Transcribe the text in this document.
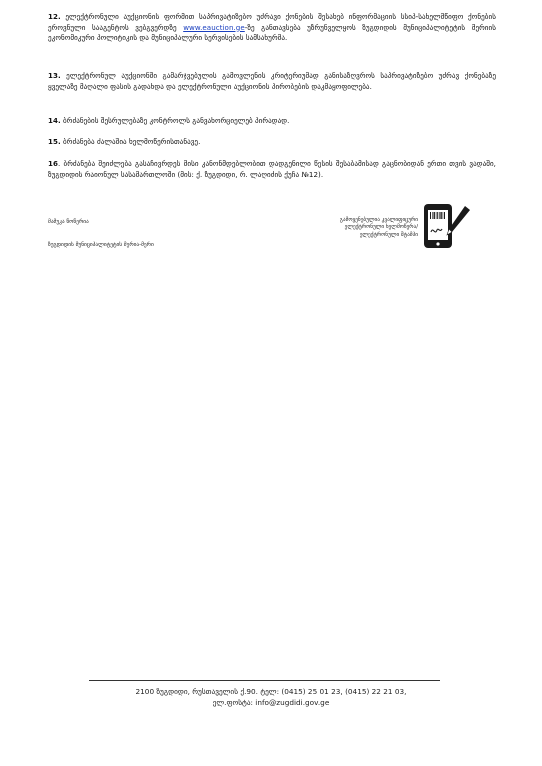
12. ელექტრონული აუქციონის ფორმით საპრივატიზებო უძრავი ქონების შესახებ ინფორმაციის სსიპ-სახელმწიფო ქონების ეროვნული სააგენტოს ვებგვერდზე www.eauction.ge-ზე განთავსება უზრუნველყოს ზუგდიდის მუნიციპალიტეტის მერიის ეკონომიკური პოლიტიკის და მუნიციპალური სერვისების სამსახურმა.
13. ელექტრონულ აუქციონში გამარჯვებულის გამოვლენის კრიტერიუმად განისაზღვროს საპრივატიზებო უძრავ ქონებაზე ყველაზე მაღალი ფასის გადახდა და ელექტრონული აუქციონის პირობების დაკმაყოფილება.
14. ბრძანების შესრულებაზე კონტროლს განვახორციელებ პირადად.
15. ბრძანება ძალაშია ხელმოწერისთანავე.
16. ბრძანება შეიძლება გასაჩივრდეს მისი კანონმდებლობით დადგენილი წესის შესაბამისად გაცნობიდან ერთი თვის ვადაში, ზუგდიდის რაიონულ სასამართლოში (მის: ქ. ზუგდიდი, რ. ლაღიძის ქუჩა №12).
მამუკა წოწერია
ზუგდიდის მუნიციპალიტეტის მერია-მერი
გამოყენებულია კვალიფიცური
ელექტრონული ხელმოწერა/
ელექტრონული შტამპი
2100 ზუგდიდი, რუსთაველის ქ.90. ტელ: (0415) 25 01 23, (0415) 22 21 03,
ელ.ფოსტა: info@zugdidi.gov.ge
